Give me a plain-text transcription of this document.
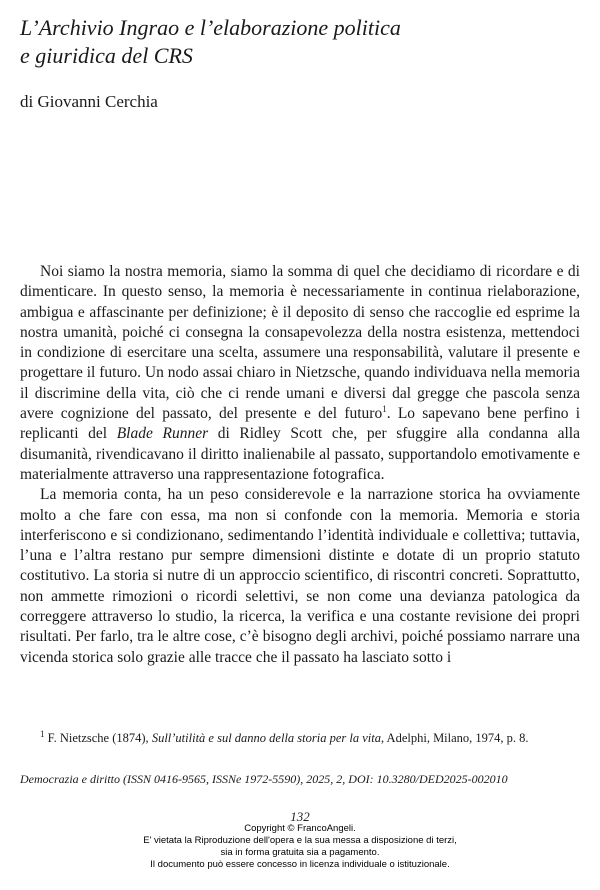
L’Archivio Ingrao e l’elaborazione politica
e giuridica del CRS

di Giovanni Cerchia

Noi siamo la nostra memoria, siamo la somma di quel che decidiamo di ricordare e di dimenticare. In questo senso, la memoria è necessariamente in continua rielaborazione, ambigua e affascinante per definizione; è il deposito di senso che raccoglie ed esprime la nostra umanità, poiché ci consegna la consapevolezza della nostra esistenza, mettendoci in condizione di esercitare una scelta, assumere una responsabilità, valutare il presente e progettare il futuro. Un nodo assai chiaro in Nietzsche, quando individuava nella memoria il discrimine della vita, ciò che ci rende umani e diversi dal gregge che pascola senza avere cognizione del passato, del presente e del futuro$^1$. Lo sapevano bene perfino i replicanti del Blade Runner di Ridley Scott che, per sfuggire alla condanna alla disumanità, rivendicavano il diritto inalienabile al passato, supportandolo emotivamente e materialmente attraverso una rappresentazione fotografica.

La memoria conta, ha un peso considerevole e la narrazione storica ha ovviamente molto a che fare con essa, ma non si confonde con la memoria. Memoria e storia interferiscono e si condizionano, sedimentando l’identità individuale e collettiva; tuttavia, l’una e l’altra restano pur sempre dimensioni distinte e dotate di un proprio statuto costitutivo. La storia si nutre di un approccio scientifico, di riscontri concreti. Soprattutto, non ammette rimozioni o ricordi selettivi, se non come una devianza patologica da correggere attraverso lo studio, la ricerca, la verifica e una costante revisione dei propri risultati. Per farlo, tra le altre cose, c’è bisogno degli archivi, poiché possiamo narrare una vicenda storica solo grazie alle tracce che il passato ha lasciato sotto i

$^1$ F. Nietzsche (1874), Sull’utilità e sul danno della storia per la vita, Adelphi, Milano, 1974, p. 8.

Democrazia e diritto (ISSN 0416-9565, ISSNe 1972-5590), 2025, 2, DOI: 10.3280/DED2025-002010

132
Copyright © FrancoAngeli.
E' vietata la Riproduzione dell'opera e la sua messa a disposizione di terzi,
sia in forma gratuita sia a pagamento.
Il documento può essere concesso in licenza individuale o istituzionale.
